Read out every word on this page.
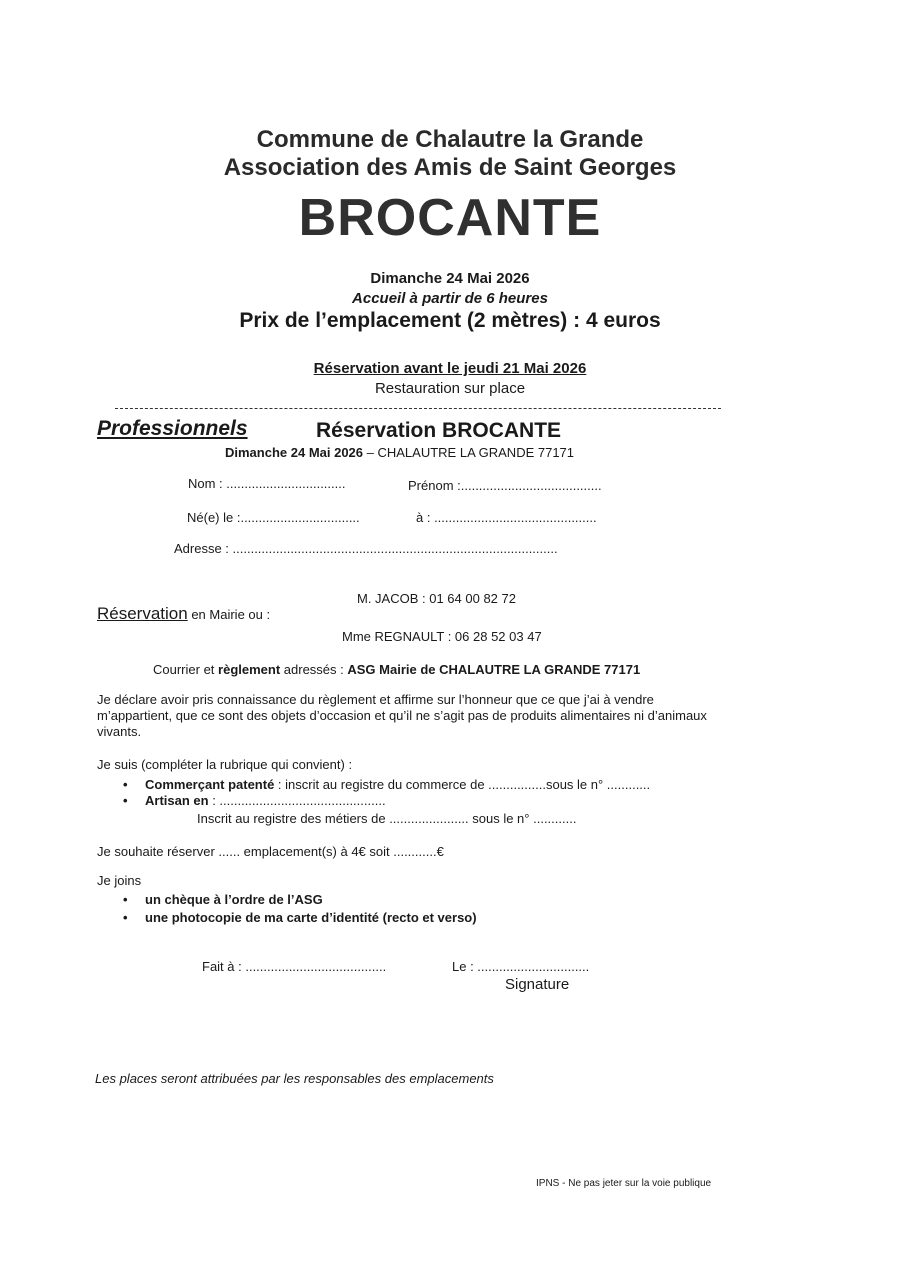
Commune de Chalautre la Grande
Association des Amis de Saint Georges
BROCANTE
Dimanche 24 Mai 2026
Accueil à partir de 6 heures
Prix de l’emplacement (2 mètres) : 4 euros
Réservation avant le jeudi 21 Mai 2026
Restauration sur place
Professionnels	Réservation BROCANTE
Dimanche 24 Mai 2026 – CHALAUTRE LA GRANDE 77171
Nom : .................................	Prénom :.......................................
Né(e) le :.................................	à : .............................................
Adresse : ..........................................................................................
M. JACOB : 01 64 00 82 72
Réservation en Mairie ou :
Mme REGNAULT : 06 28 52 03 47
Courrier et règlement adressés : ASG Mairie de CHALAUTRE LA GRANDE 77171
Je déclare avoir pris connaissance du règlement et affirme sur l’honneur que ce que j’ai à vendre m’appartient, que ce sont des objets d’occasion et qu’il ne s’agit pas de produits alimentaires ni d’animaux vivants.
Je suis (compléter la rubrique qui convient) :
• Commerçant patenté : inscrit au registre du commerce de ................sous le n° ............
• Artisan en : ..............................................
Inscrit au registre des métiers de ...................... sous le n° ............
Je souhaite réserver ...... emplacement(s) à 4€ soit ............€
Je joins
• un chèque à l’ordre de l’ASG
• une photocopie de ma carte d’identité (recto et verso)
Fait à : .......................................	Le : ...............................
Signature
Les places seront attribuées par les responsables des emplacements
IPNS - Ne pas jeter sur la voie publique
